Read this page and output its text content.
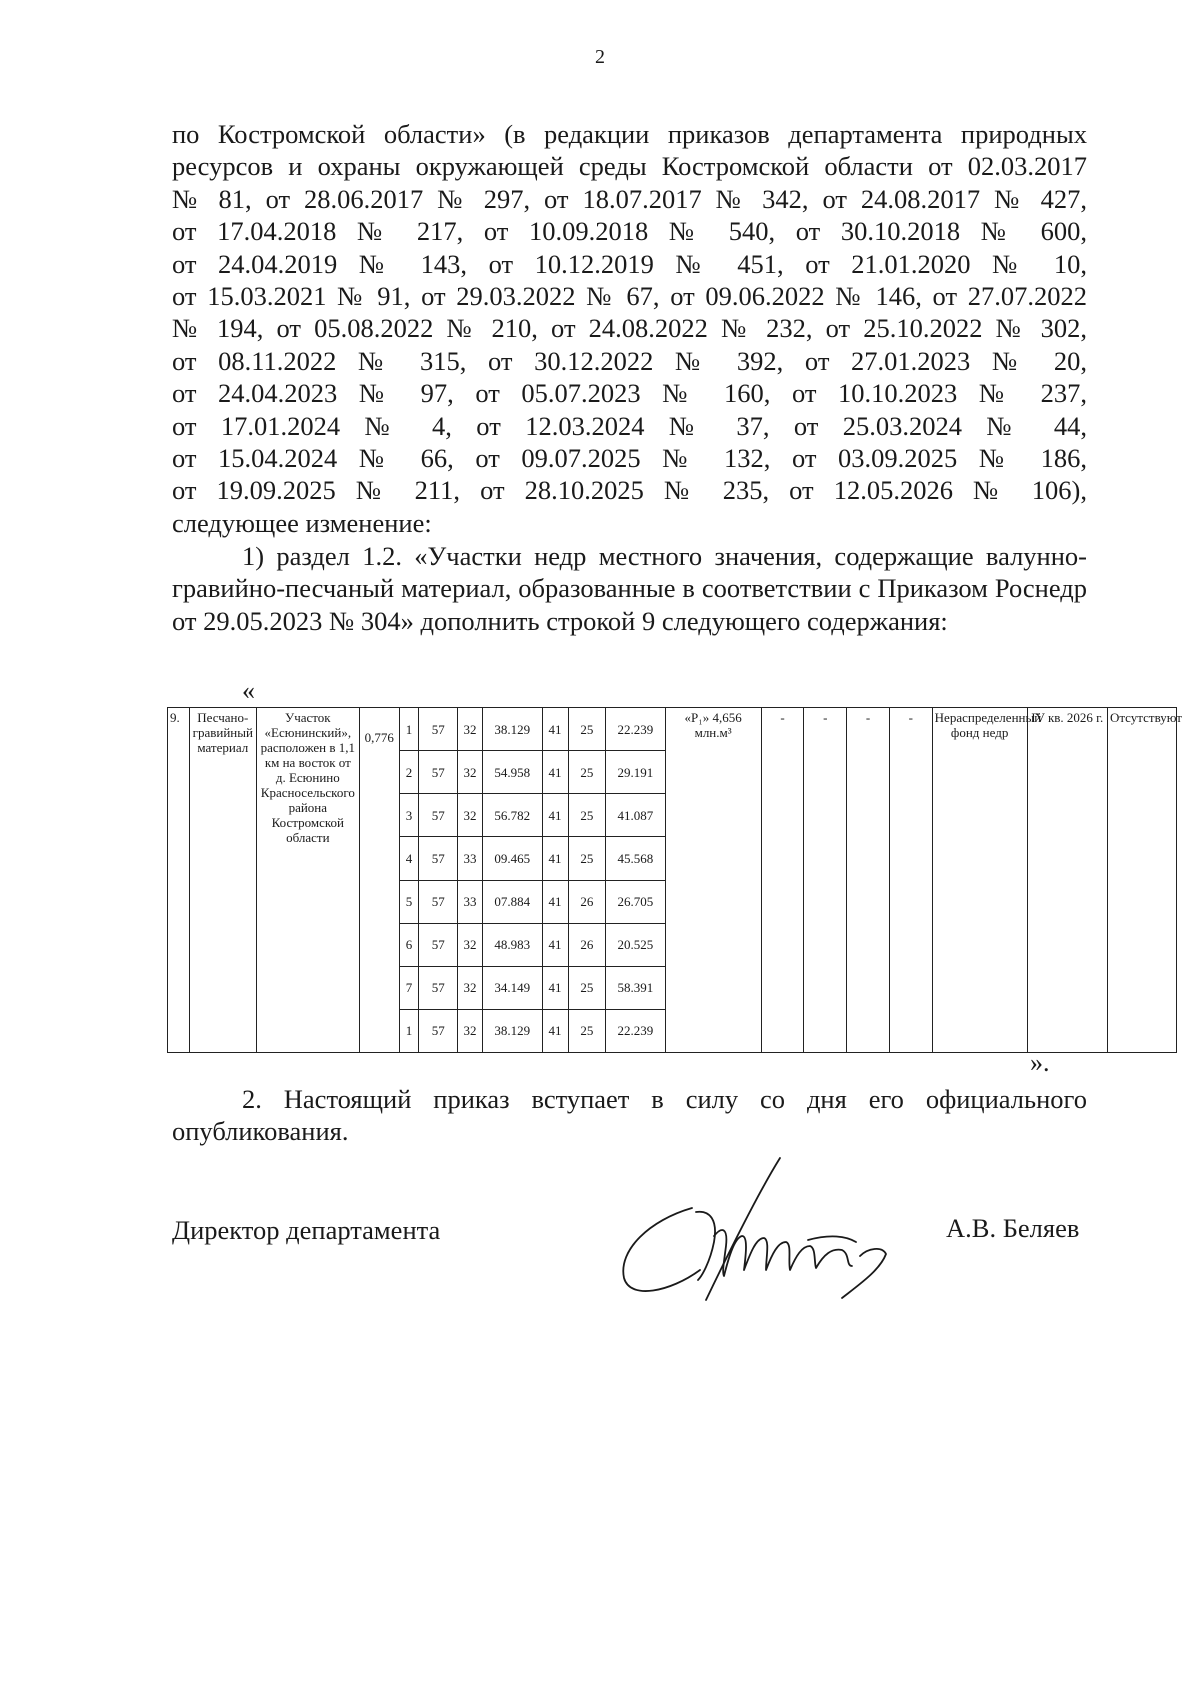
2

по Костромской области» (в редакции приказов департамента природных

ресурсов и охраны окружающей среды Костромской области от 02.03.2017

№ 81, от 28.06.2017 № 297, от 18.07.2017 № 342, от 24.08.2017 № 427,

от 17.04.2018 № 217, от 10.09.2018 № 540, от 30.10.2018 № 600,

от 24.04.2019 № 143, от 10.12.2019 № 451, от 21.01.2020 № 10,

от 15.03.2021 № 91, от 29.03.2022 № 67, от 09.06.2022 № 146, от 27.07.2022

№ 194, от 05.08.2022 № 210, от 24.08.2022 № 232, от 25.10.2022 № 302,

от 08.11.2022 № 315, от 30.12.2022 № 392, от 27.01.2023 № 20,

от 24.04.2023 № 97, от 05.07.2023 № 160, от 10.10.2023 № 237,

от 17.01.2024 № 4, от 12.03.2024 № 37, от 25.03.2024 № 44,

от 15.04.2024 № 66, от 09.07.2025 № 132, от 03.09.2025 № 186,

от 19.09.2025 № 211, от 28.10.2025 № 235, от 12.05.2026 № 106),

следующее изменение:

1) раздел 1.2. «Участки недр местного значения, содержащие валунно-гравийно-песчаный материал, образованные в соответствии с Приказом Роснедр от 29.05.2023 № 304» дополнить строкой 9 следующего содержания:

«
9.	Песчано-гравийный материал	Участок «Есюнинский», расположен в 1,1 км на восток от д. Есюнино Красносельского района Костромской области	0,776	1	57	32	38.129	41	25	22.239	«Р₁» 4,656 млн.м³	-	-	-	-	Нераспределенный фонд недр	IV кв. 2026 г.	Отсутствуют
				2	57	32	54.958	41	25	29.191								
				3	57	32	56.782	41	25	41.087								
				4	57	33	09.465	41	25	45.568								
				5	57	33	07.884	41	26	26.705								
				6	57	32	48.983	41	26	20.525								
				7	57	32	34.149	41	25	58.391								
				1	57	32	38.129	41	25	22.239								
».

2. Настоящий приказ вступает в силу со дня его официального опубликования.

Директор департамента	А.В. Беляев
